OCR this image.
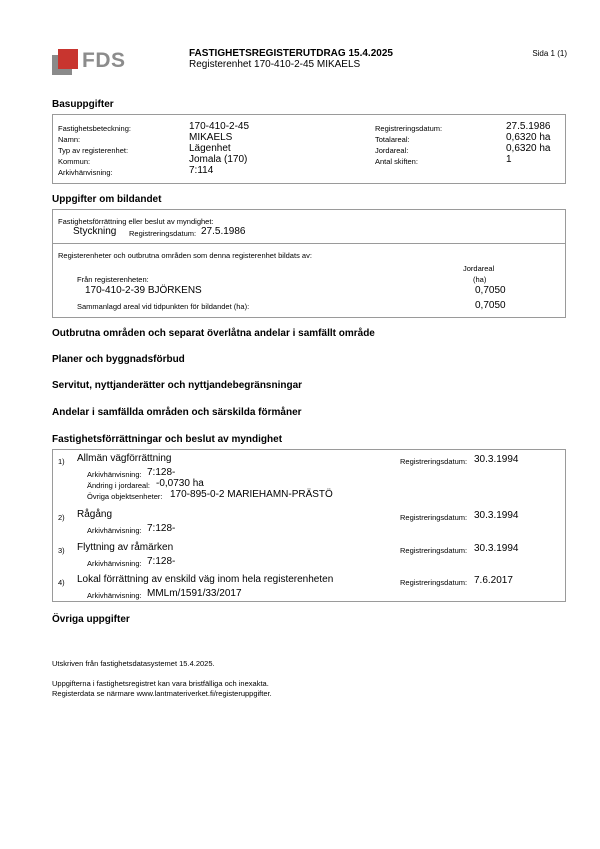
FDS	FASTIGHETSREGISTERUTDRAG 15.4.2025
Registerenhet 170-410-2-45 MIKAELS
Sida 1 (1)
Basuppgifter
Fastighetsbeteckning:	170-410-2-45
Namn:	MIKAELS
Typ av registerenhet:	Lägenhet
Kommun:	Jomala (170)
Arkivhänvisning:	7:114
Registreringsdatum:	27.5.1986
Totalareal:	0,6320 ha
Jordareal:	0,6320 ha
Antal skiften:	1
Uppgifter om bildandet
Fastighetsförrättning eller beslut av myndighet:
Styckning Registreringsdatum: 27.5.1986
Registerenheter och outbrutna områden som denna registerenhet bildats av:
Jordareal
(ha)
Från registerenheten:
170-410-2-39 BJÖRKENS	0,7050
Sammanlagd areal vid tidpunkten för bildandet (ha):	0,7050
Outbrutna områden och separat överlåtna andelar i samfällt område
Planer och byggnadsförbud
Servitut, nyttjanderätter och nyttjandebegränsningar
Andelar i samfällda områden och särskilda förmåner
Fastighetsförrättningar och beslut av myndighet
1) Allmän vägförrättning	Registreringsdatum: 30.3.1994
Arkivhänvisning: 7:128-
Ändring i jordareal: -0,0730 ha
Övriga objektsenheter: 170-895-0-2 MARIEHAMN-PRÄSTÖ
2) Rågång	Registreringsdatum: 30.3.1994
Arkivhänvisning: 7:128-
3) Flyttning av råmärken	Registreringsdatum: 30.3.1994
Arkivhänvisning: 7:128-
4) Lokal förrättning av enskild väg inom hela registerenheten	Registreringsdatum: 7.6.2017
Arkivhänvisning: MMLm/1591/33/2017
Övriga uppgifter
Utskriven från fastighetsdatasystemet 15.4.2025.
Uppgifterna i fastighetsregistret kan vara bristfälliga och inexakta.
Registerdata se närmare www.lantmateriverket.fi/registeruppgifter.
